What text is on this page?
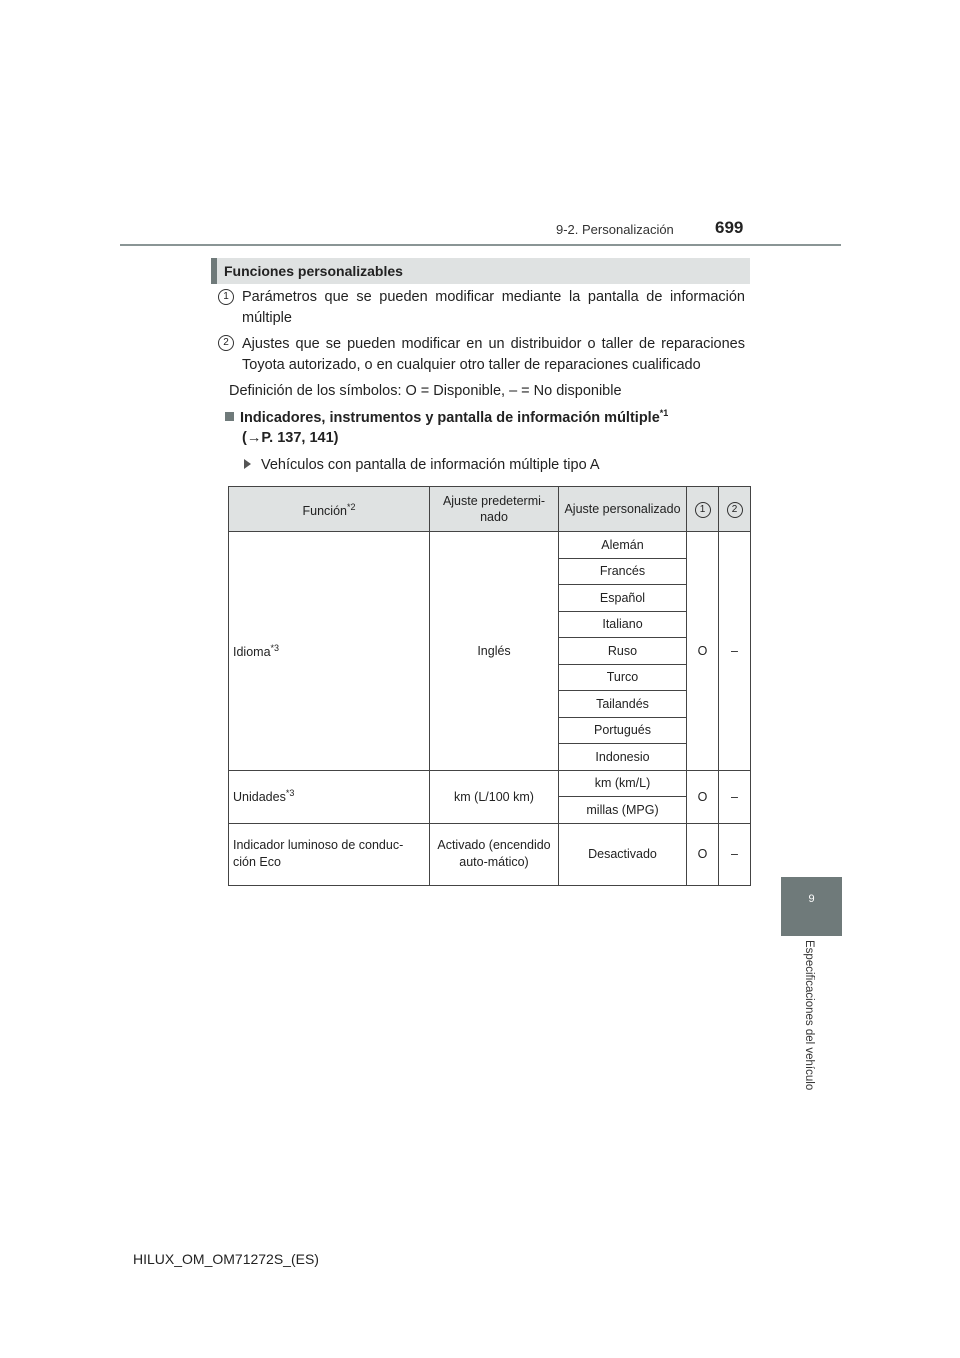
9-2. Personalización 699
9
Especificaciones del vehículo
Funciones personalizables
1 Parámetros que se pueden modificar mediante la pantalla de información múltiple
2 Ajustes que se pueden modificar en un distribuidor o taller de reparaciones Toyota autorizado, o en cualquier otro taller de reparaciones cualificado
Definición de los símbolos: O = Disponible, – = No disponible
Indicadores, instrumentos y pantalla de información múltiple$^{*1}$
(→P. 137, 141)
Vehículos con pantalla de información múltiple tipo A
Función$^{*2}$	Ajuste predetermi-nado	Ajuste personalizado	1	2
Idioma$^{*3}$	Inglés	Alemán	O	–
		Francés		
		Español		
		Italiano		
		Ruso		
		Turco		
		Tailandés		
		Portugués		
		Indonesio		
Unidades$^{*3}$	km (L/100 km)	km (km/L)	O	–
		millas (MPG)		
Indicador luminoso de conduc-ción Eco	Activado (encendido auto-mático)	Desactivado	O	–
HILUX_OM_OM71272S_(ES)
